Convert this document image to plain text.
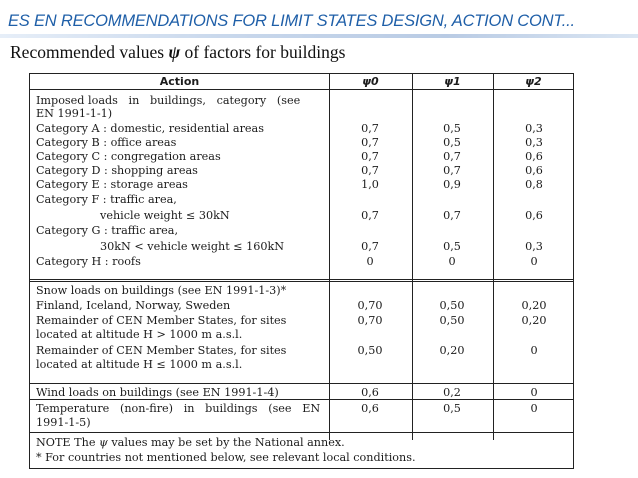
ES EN RECOMMENDATIONS FOR LIMIT STATES DESIGN, ACTION CONT...
Recommended values ψ of factors for buildings
Action	ψ0	ψ1	ψ2
Imposed loads   in   buildings,   category   (see
EN 1991-1-1)
Category A : domestic, residential areas	0,7	0,5	0,3
Category B : office areas	0,7	0,5	0,3
Category C : congregation areas	0,7	0,7	0,6
Category D : shopping areas	0,7	0,7	0,6
Category E : storage areas	1,0	0,9	0,8
Category F : traffic area,
vehicle weight ≤ 30kN	0,7	0,7	0,6
Category G : traffic area,
30kN < vehicle weight ≤ 160kN	0,7	0,5	0,3
Category H : roofs	0	0	0
Snow loads on buildings (see EN 1991-1-3)*
Finland, Iceland, Norway, Sweden	0,70	0,50	0,20
Remainder of CEN Member States, for sites	0,70	0,50	0,20
located at altitude H > 1000 m a.s.l.
Remainder of CEN Member States, for sites	0,50	0,20	0
located at altitude H ≤ 1000 m a.s.l.
Wind loads on buildings (see EN 1991-1-4)	0,6	0,2	0
Temperature   (non-fire)   in   buildings   (see   EN	0,6	0,5	0
1991-1-5)
NOTE The ψ values may be set by the National annex.
* For countries not mentioned below, see relevant local conditions.
